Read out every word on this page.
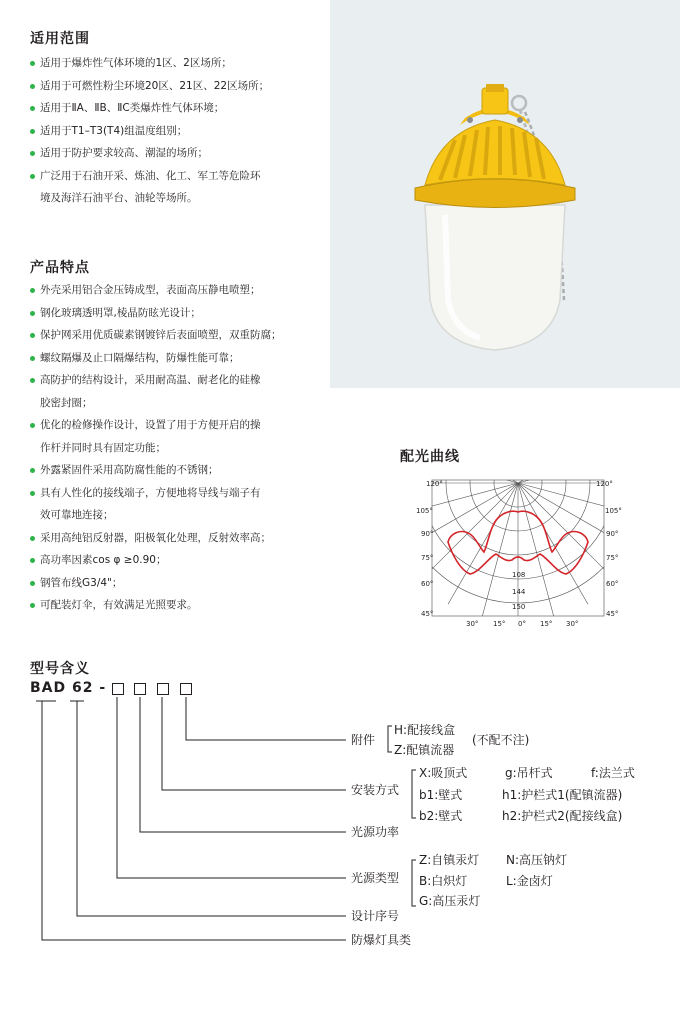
适用范围
适用于爆炸性气体环境的1区、2区场所；
适用于可燃性粉尘环境20区、21区、22区场所；
适用于ⅡA、ⅡB、ⅡC类爆炸性气体环境；
适用于T1–T3(T4)组温度组别；
适用于防护要求较高、潮湿的场所；
广泛用于石油开采、炼油、化工、军工等危险环
境及海洋石油平台、油轮等场所。
产品特点
外壳采用铝合金压铸成型，表面高压静电喷塑；
钢化玻璃透明罩,棱晶防眩光设计；
保护网采用优质碳素钢镀锌后表面喷塑，双重防腐；
螺纹隔爆及止口隔爆结构，防爆性能可靠；
高防护的结构设计，采用耐高温、耐老化的硅橡
胶密封圈；
优化的检修操作设计，设置了用于方便开启的操
作杆并同时具有固定功能；
外露紧固件采用高防腐性能的不锈钢；
具有人性化的接线端子，方便地将导线与端子有
效可靠地连接；
采用高纯铝反射器，阳极氧化处理，反射效率高；
高功率因素cos φ ≥0.90；
钢管布线G3/4"；
可配装灯伞，有效满足光照要求。
配光曲线
120°	120°
105°
90°
75°
60°
45°
105°
90°
75°
60°
45°
30° 15° 0° 15° 30°
108
144
150
型号含义
BAD 62 -
附件
H:配接线盒
Z:配镇流器
(不配不注)
安装方式
X:吸顶式	g:吊杆式	f:法兰式
b1:壁式	h1:护栏式1(配镇流器)
b2:壁式	h2:护栏式2(配接线盒)
光源功率
光源类型
Z:自镇汞灯 N:高压钠灯
B:白炽灯	L:金卤灯
G:高压汞灯
设计序号
防爆灯具类
